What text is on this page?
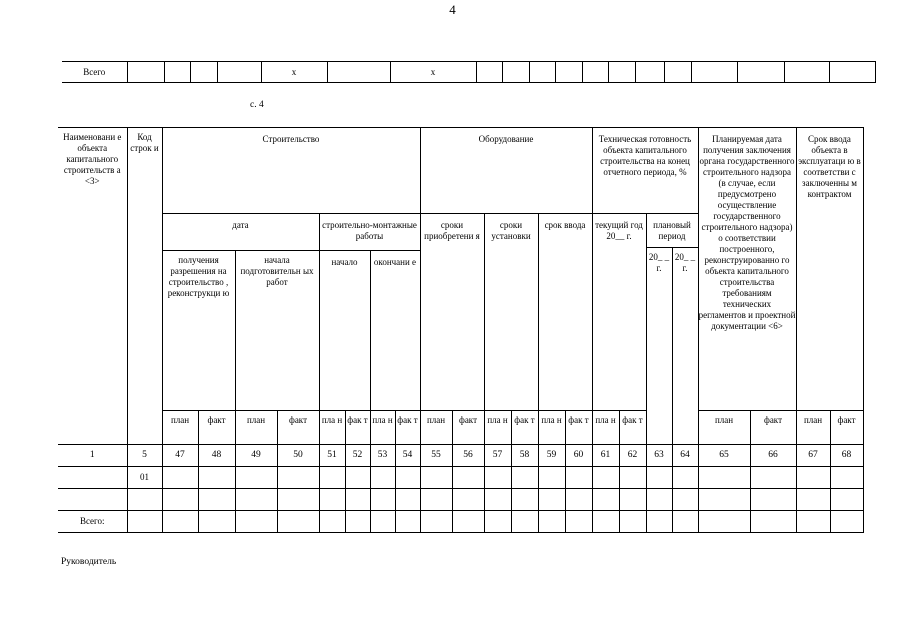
4
Всего					x		x												
с. 4
Наименовани е объекта капитального строительств а <3>	Код строк и	Строительство								Оборудование						Техническая готовность объекта капитального строительства на конец отчетного периода, %				Планируемая дата получения заключения органа государственного строительного надзора (в случае, если предусмотрено осуществление государственного строительного надзора) о соответствии построенного, реконструированно го объекта капитального строительства требованиям технических регламентов и проектной документации <6>		Срок ввода объекта в эксплуатаци ю в соответстви с заключенны м контрактом	
		дата				строительно-монтажные работы				сроки приобретени я		сроки установки		срок ввода		текущий год 20__ г.		плановый период					
																		20_ _ г.	20_ _ г.				
		получения разрешения на строительство , реконструкци ю		начала подготовительн ых работ		начало		окончани е															
		план	факт	план	факт	пла н	фак т	пла н	фак т	план	факт	пла н	фак т	пла н	фак т	пла н	фак т			план	факт	план	факт
1	5	47	48	49	50	51	52	53	54	55	56	57	58	59	60	61	62	63	64	65	66	67	68
	01																						

Всего:																							
Руководитель
